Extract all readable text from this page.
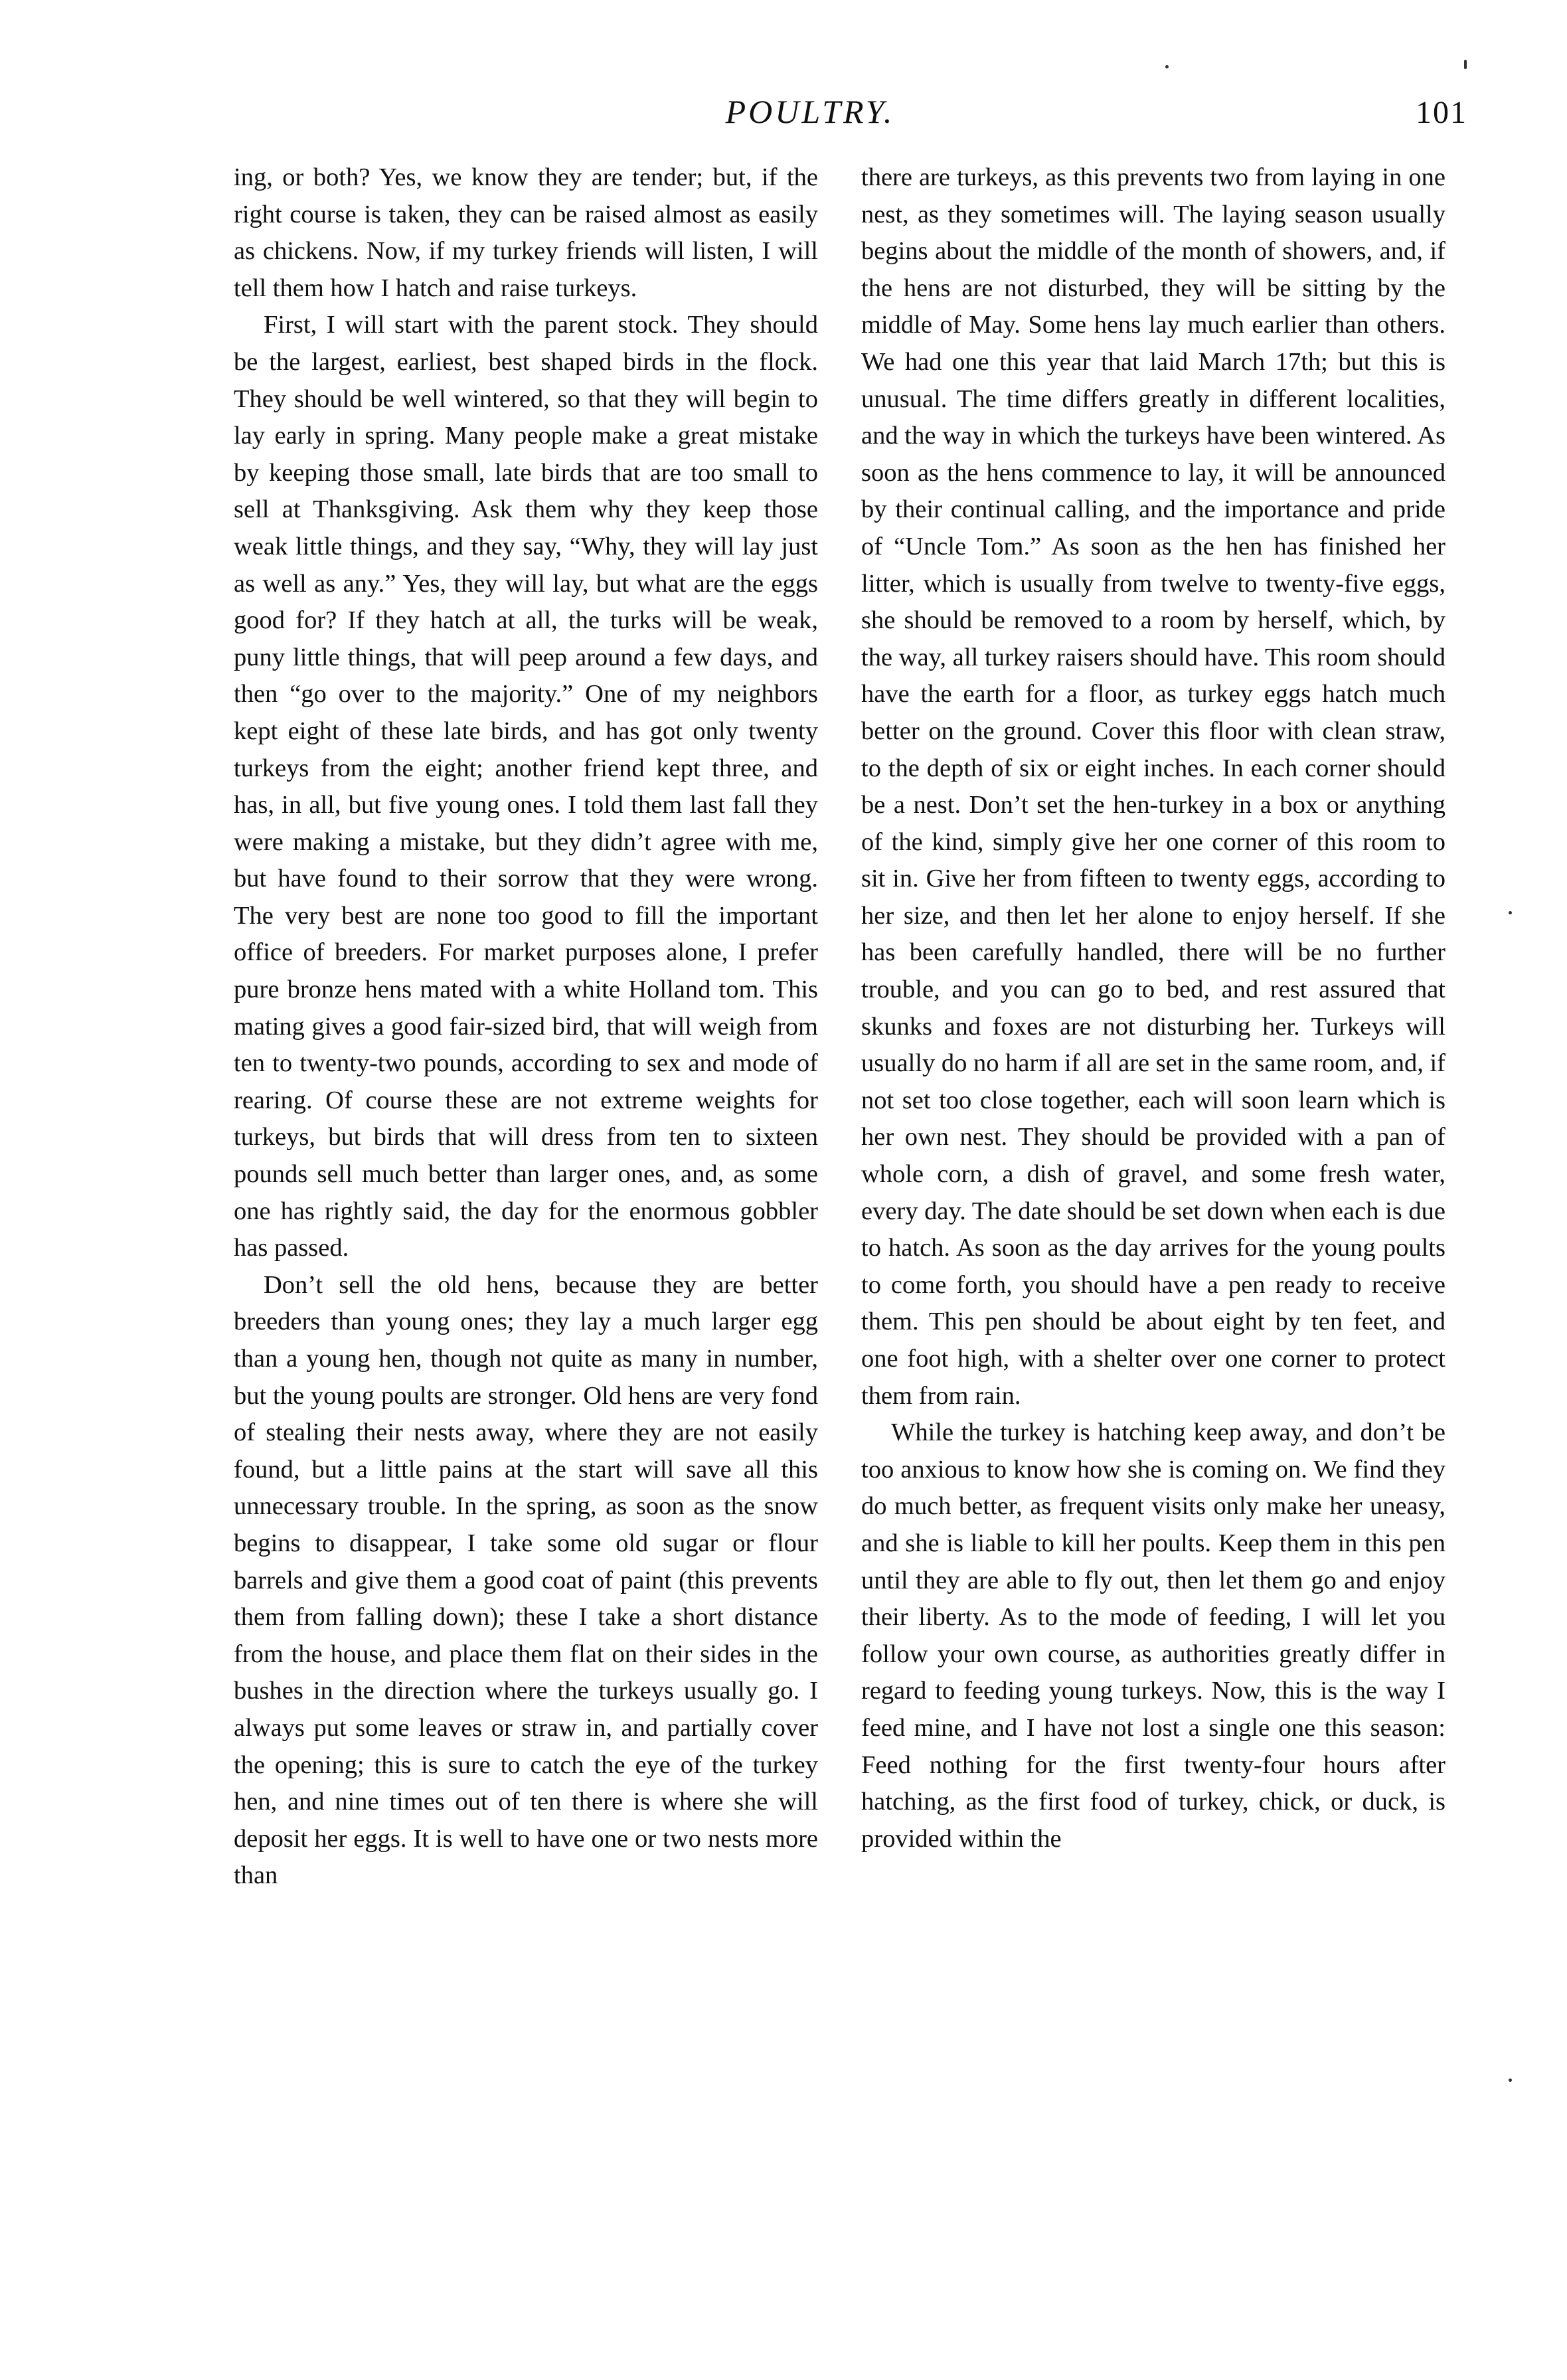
POULTRY.	101

ing, or both? Yes, we know they are tender; but, if the right course is taken, they can be raised almost as easily as chickens. Now, if my turkey friends will listen, I will tell them how I hatch and raise turkeys.

First, I will start with the parent stock. They should be the largest, earliest, best shaped birds in the flock. They should be well wintered, so that they will begin to lay early in spring. Many people make a great mistake by keeping those small, late birds that are too small to sell at Thanksgiving. Ask them why they keep those weak little things, and they say, “Why, they will lay just as well as any.” Yes, they will lay, but what are the eggs good for? If they hatch at all, the turks will be weak, puny little things, that will peep around a few days, and then “go over to the majority.” One of my neighbors kept eight of these late birds, and has got only twenty turkeys from the eight; another friend kept three, and has, in all, but five young ones. I told them last fall they were making a mistake, but they didn’t agree with me, but have found to their sorrow that they were wrong. The very best are none too good to fill the important office of breeders. For market purposes alone, I prefer pure bronze hens mated with a white Holland tom. This mating gives a good fair-sized bird, that will weigh from ten to twenty-two pounds, according to sex and mode of rearing. Of course these are not extreme weights for turkeys, but birds that will dress from ten to sixteen pounds sell much better than larger ones, and, as some one has rightly said, the day for the enormous gobbler has passed.

Don’t sell the old hens, because they are better breeders than young ones; they lay a much larger egg than a young hen, though not quite as many in number, but the young poults are stronger. Old hens are very fond of stealing their nests away, where they are not easily found, but a little pains at the start will save all this unnecessary trouble. In the spring, as soon as the snow begins to disappear, I take some old sugar or flour barrels and give them a good coat of paint (this prevents them from falling down); these I take a short distance from the house, and place them flat on their sides in the bushes in the direction where the turkeys usually go. I always put some leaves or straw in, and partially cover the opening; this is sure to catch the eye of the turkey hen, and nine times out of ten there is where she will deposit her eggs. It is well to have one or two nests more than

there are turkeys, as this prevents two from laying in one nest, as they sometimes will. The laying season usually begins about the middle of the month of showers, and, if the hens are not disturbed, they will be sitting by the middle of May. Some hens lay much earlier than others. We had one this year that laid March 17th; but this is unusual. The time differs greatly in different localities, and the way in which the turkeys have been wintered. As soon as the hens commence to lay, it will be announced by their continual calling, and the importance and pride of “Uncle Tom.” As soon as the hen has finished her litter, which is usually from twelve to twenty-five eggs, she should be removed to a room by herself, which, by the way, all turkey raisers should have. This room should have the earth for a floor, as turkey eggs hatch much better on the ground. Cover this floor with clean straw, to the depth of six or eight inches. In each corner should be a nest. Don’t set the hen-turkey in a box or anything of the kind, simply give her one corner of this room to sit in. Give her from fifteen to twenty eggs, according to her size, and then let her alone to enjoy herself. If she has been carefully handled, there will be no further trouble, and you can go to bed, and rest assured that skunks and foxes are not disturbing her. Turkeys will usually do no harm if all are set in the same room, and, if not set too close together, each will soon learn which is her own nest. They should be provided with a pan of whole corn, a dish of gravel, and some fresh water, every day. The date should be set down when each is due to hatch. As soon as the day arrives for the young poults to come forth, you should have a pen ready to receive them. This pen should be about eight by ten feet, and one foot high, with a shelter over one corner to protect them from rain.

While the turkey is hatching keep away, and don’t be too anxious to know how she is coming on. We find they do much better, as frequent visits only make her uneasy, and she is liable to kill her poults. Keep them in this pen until they are able to fly out, then let them go and enjoy their liberty. As to the mode of feeding, I will let you follow your own course, as authorities greatly differ in regard to feeding young turkeys. Now, this is the way I feed mine, and I have not lost a single one this season: Feed nothing for the first twenty-four hours after hatching, as the first food of turkey, chick, or duck, is provided within the
